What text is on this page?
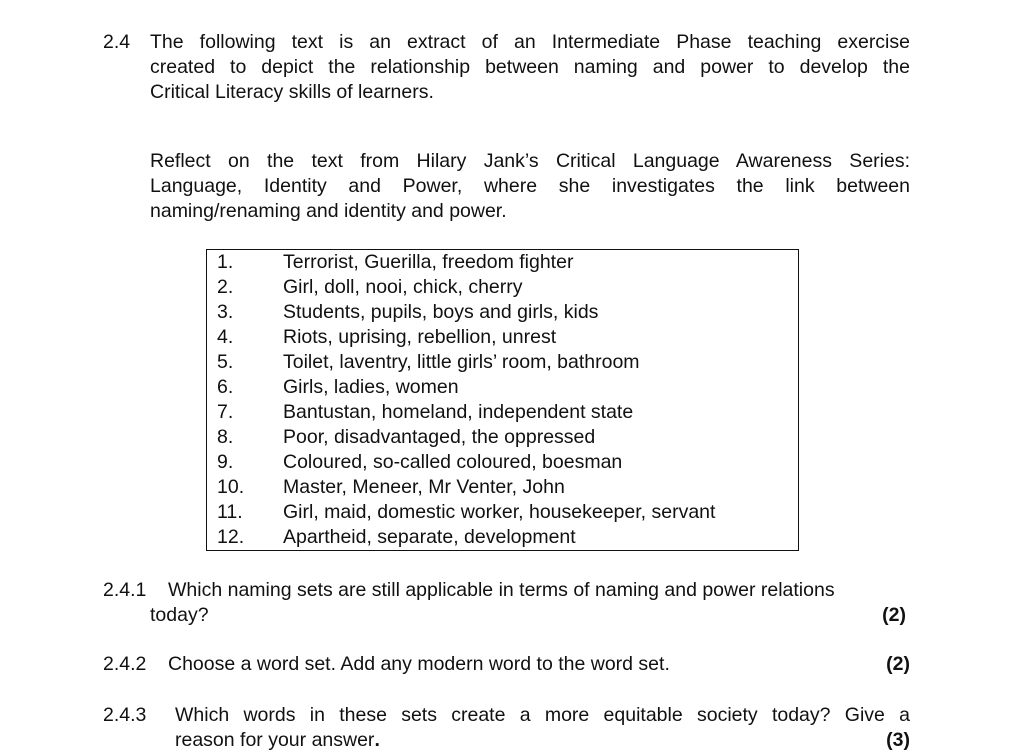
2.4 The following text is an extract of an Intermediate Phase teaching exercise
created to depict the relationship between naming and power to develop the
Critical Literacy skills of learners.
Reflect on the text from Hilary Jank’s Critical Language Awareness Series:
Language, Identity and Power, where she investigates the link between
naming/renaming and identity and power.
1.	Terrorist, Guerilla, freedom fighter
2.	Girl, doll, nooi, chick, cherry
3.	Students, pupils, boys and girls, kids
4.	Riots, uprising, rebellion, unrest
5.	Toilet, laventry, little girls’ room, bathroom
6.	Girls, ladies, women
7.	Bantustan, homeland, independent state
8.	Poor, disadvantaged, the oppressed
9.	Coloured, so-called coloured, boesman
10.	Master, Meneer, Mr Venter, John
11.	Girl, maid, domestic worker, housekeeper, servant
12.	Apartheid, separate, development
2.4.1 Which naming sets are still applicable in terms of naming and power relations
today?	(2)
2.4.2 Choose a word set. Add any modern word to the word set.	(2)
2.4.3	Which words in these sets create a more equitable society today? Give a
reason for your answer.	(3)
